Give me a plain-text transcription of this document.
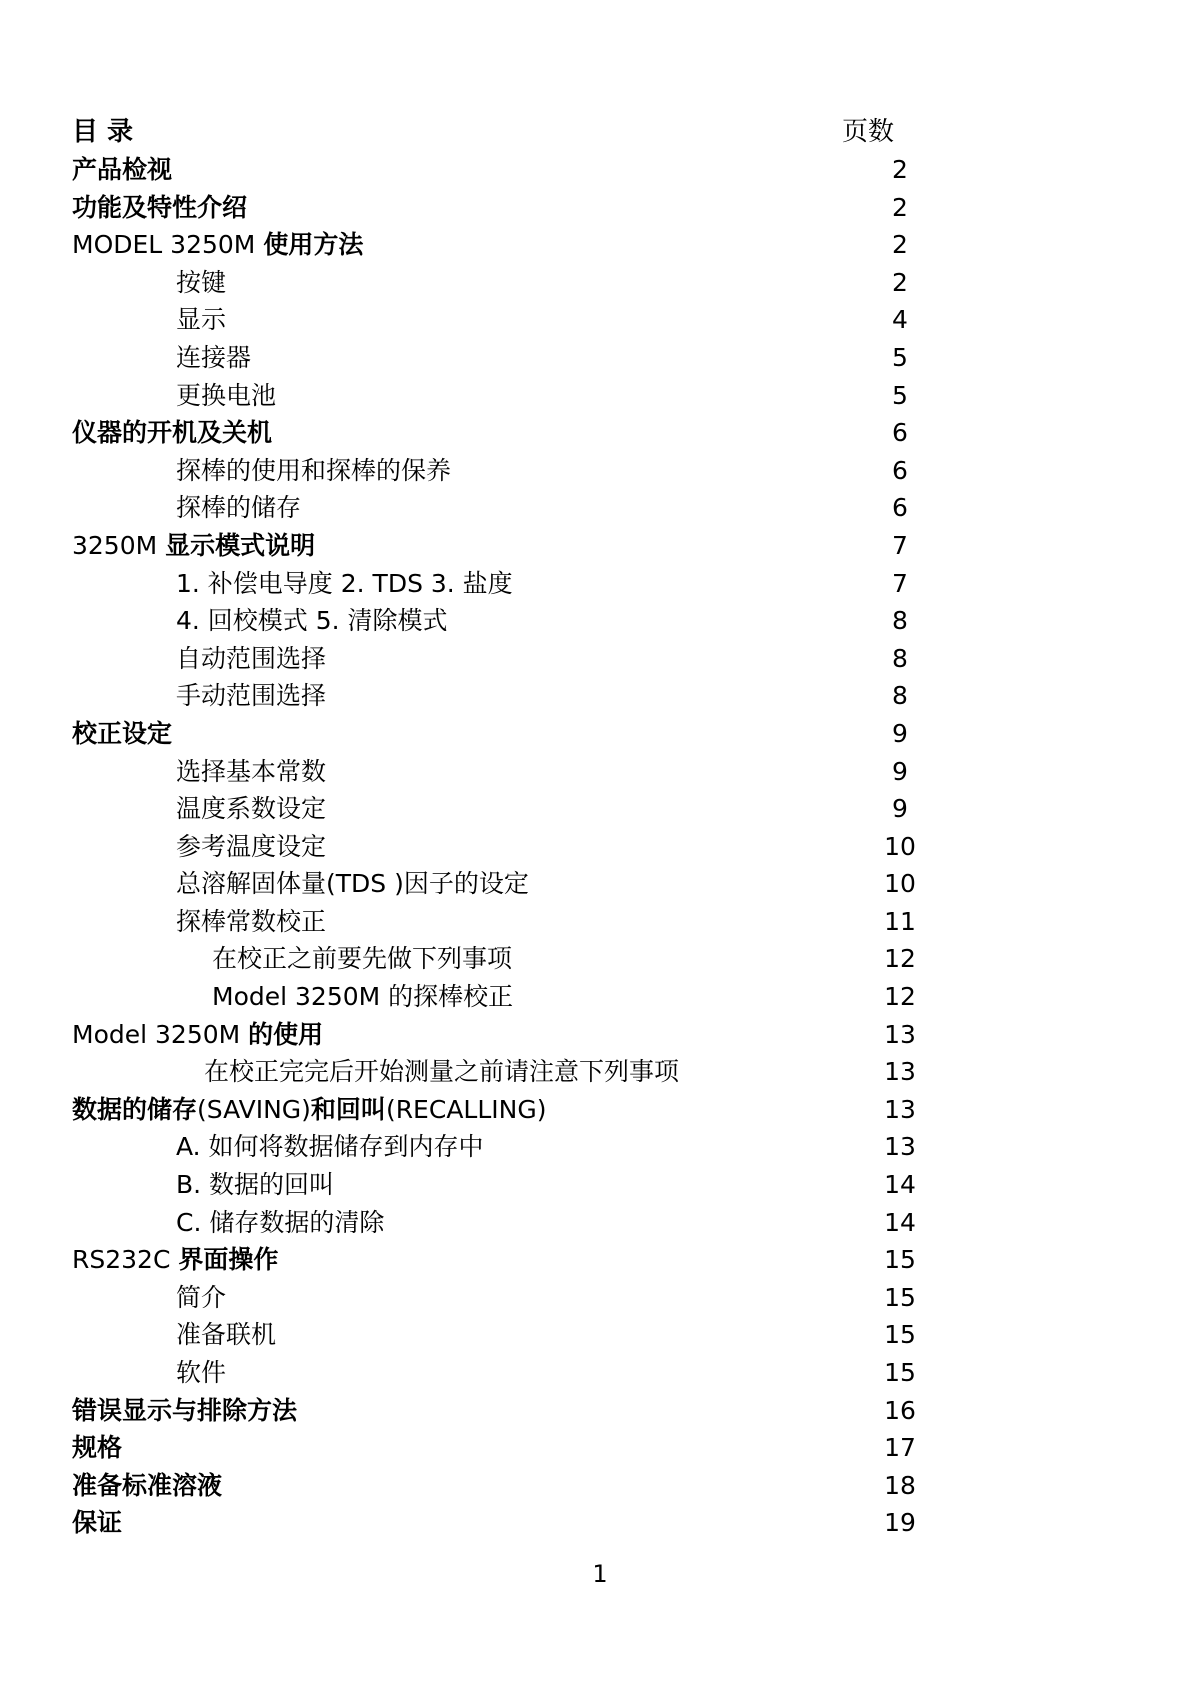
目 录	页数
产品检视	2
功能及特性介绍	2
MODEL 3250M 使用方法	2
按键	2
显示	4
连接器	5
更换电池	5
仪器的开机及关机	6
探棒的使用和探棒的保养	6
探棒的储存	6
3250M 显示模式说明	7
1. 补偿电导度 2. TDS 3. 盐度	7
4. 回校模式 5. 清除模式	8
自动范围选择	8
手动范围选择	8
校正设定	9
选择基本常数	9
温度系数设定	9
参考温度设定	10
总溶解固体量(TDS )因子的设定	10
探棒常数校正	11
在校正之前要先做下列事项	12
Model 3250M 的探棒校正	12
Model 3250M 的使用	13
在校正完完后开始测量之前请注意下列事项	13
数据的储存(SAVING)和回叫(RECALLING)	13
A. 如何将数据储存到内存中	13
B. 数据的回叫	14
C. 储存数据的清除	14
RS232C 界面操作	15
简介	15
准备联机	15
软件	15
错误显示与排除方法	16
规格	17
准备标准溶液	18
保证	19
1
